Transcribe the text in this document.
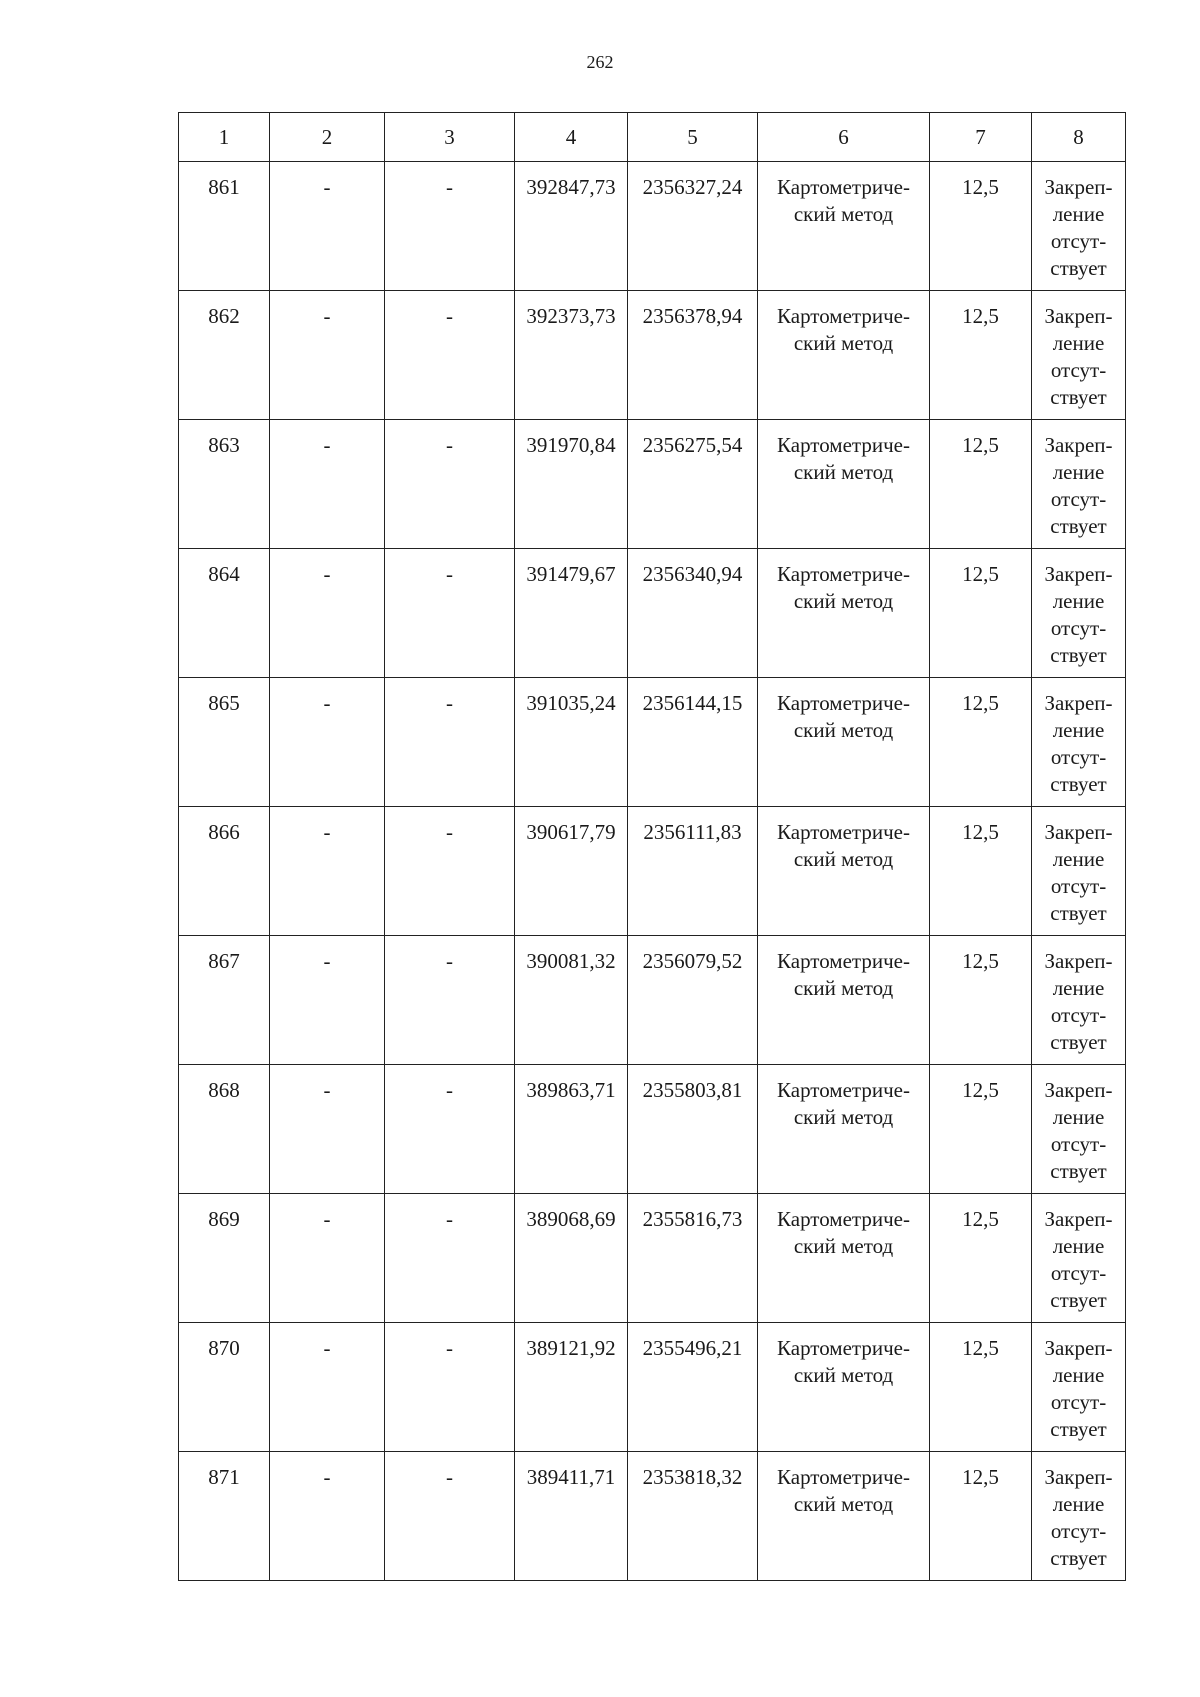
262
1	2	3	4	5	6	7	8

861	-	-	392847,73	2356327,24	Картометриче-ский метод	12,5	Закреп-ление отсут-ствует

862	-	-	392373,73	2356378,94	Картометриче-ский метод	12,5	Закреп-ление отсут-ствует

863	-	-	391970,84	2356275,54	Картометриче-ский метод	12,5	Закреп-ление отсут-ствует

864	-	-	391479,67	2356340,94	Картометриче-ский метод	12,5	Закреп-ление отсут-ствует

865	-	-	391035,24	2356144,15	Картометриче-ский метод	12,5	Закреп-ление отсут-ствует

866	-	-	390617,79	2356111,83	Картометриче-ский метод	12,5	Закреп-ление отсут-ствует

867	-	-	390081,32	2356079,52	Картометриче-ский метод	12,5	Закреп-ление отсут-ствует

868	-	-	389863,71	2355803,81	Картометриче-ский метод	12,5	Закреп-ление отсут-ствует

869	-	-	389068,69	2355816,73	Картометриче-ский метод	12,5	Закреп-ление отсут-ствует

870	-	-	389121,92	2355496,21	Картометриче-ский метод	12,5	Закреп-ление отсут-ствует

871	-	-	389411,71	2353818,32	Картометриче-ский метод	12,5	Закреп-ление отсут-ствует
